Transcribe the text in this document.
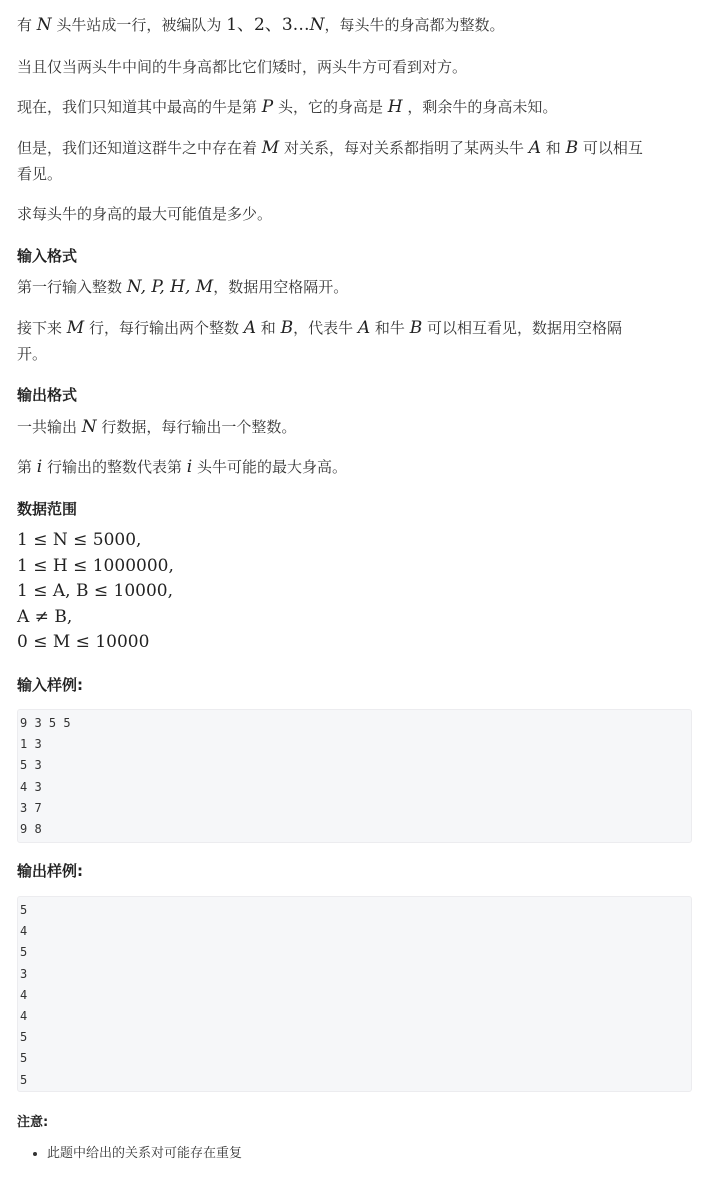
有 N 头牛站成一行，被编队为 1、2、3…N，每头牛的身高都为整数。

当且仅当两头牛中间的牛身高都比它们矮时，两头牛方可看到对方。

现在，我们只知道其中最高的牛是第 P 头，它的身高是 H ，剩余牛的身高未知。

但是，我们还知道这群牛之中存在着 M 对关系，每对关系都指明了某两头牛 A 和 B 可以相互
看见。

求每头牛的身高的最大可能值是多少。

输入格式

第一行输入整数 N, P, H, M，数据用空格隔开。

接下来 M 行，每行输出两个整数 A 和 B，代表牛 A 和牛 B 可以相互看见，数据用空格隔
开。

输出格式

一共输出 N 行数据，每行输出一个整数。

第 i 行输出的整数代表第 i 头牛可能的最大身高。

数据范围
1 ≤ N ≤ 5000,
1 ≤ H ≤ 1000000,
1 ≤ A, B ≤ 10000,
A ≠ B,
0 ≤ M ≤ 10000
输入样例:
9 3 5 5
1 3
5 3
4 3
3 7
9 8
输出样例:
5
4
5
3
4
4
5
5
5
注意:
• 此题中给出的关系对可能存在重复
